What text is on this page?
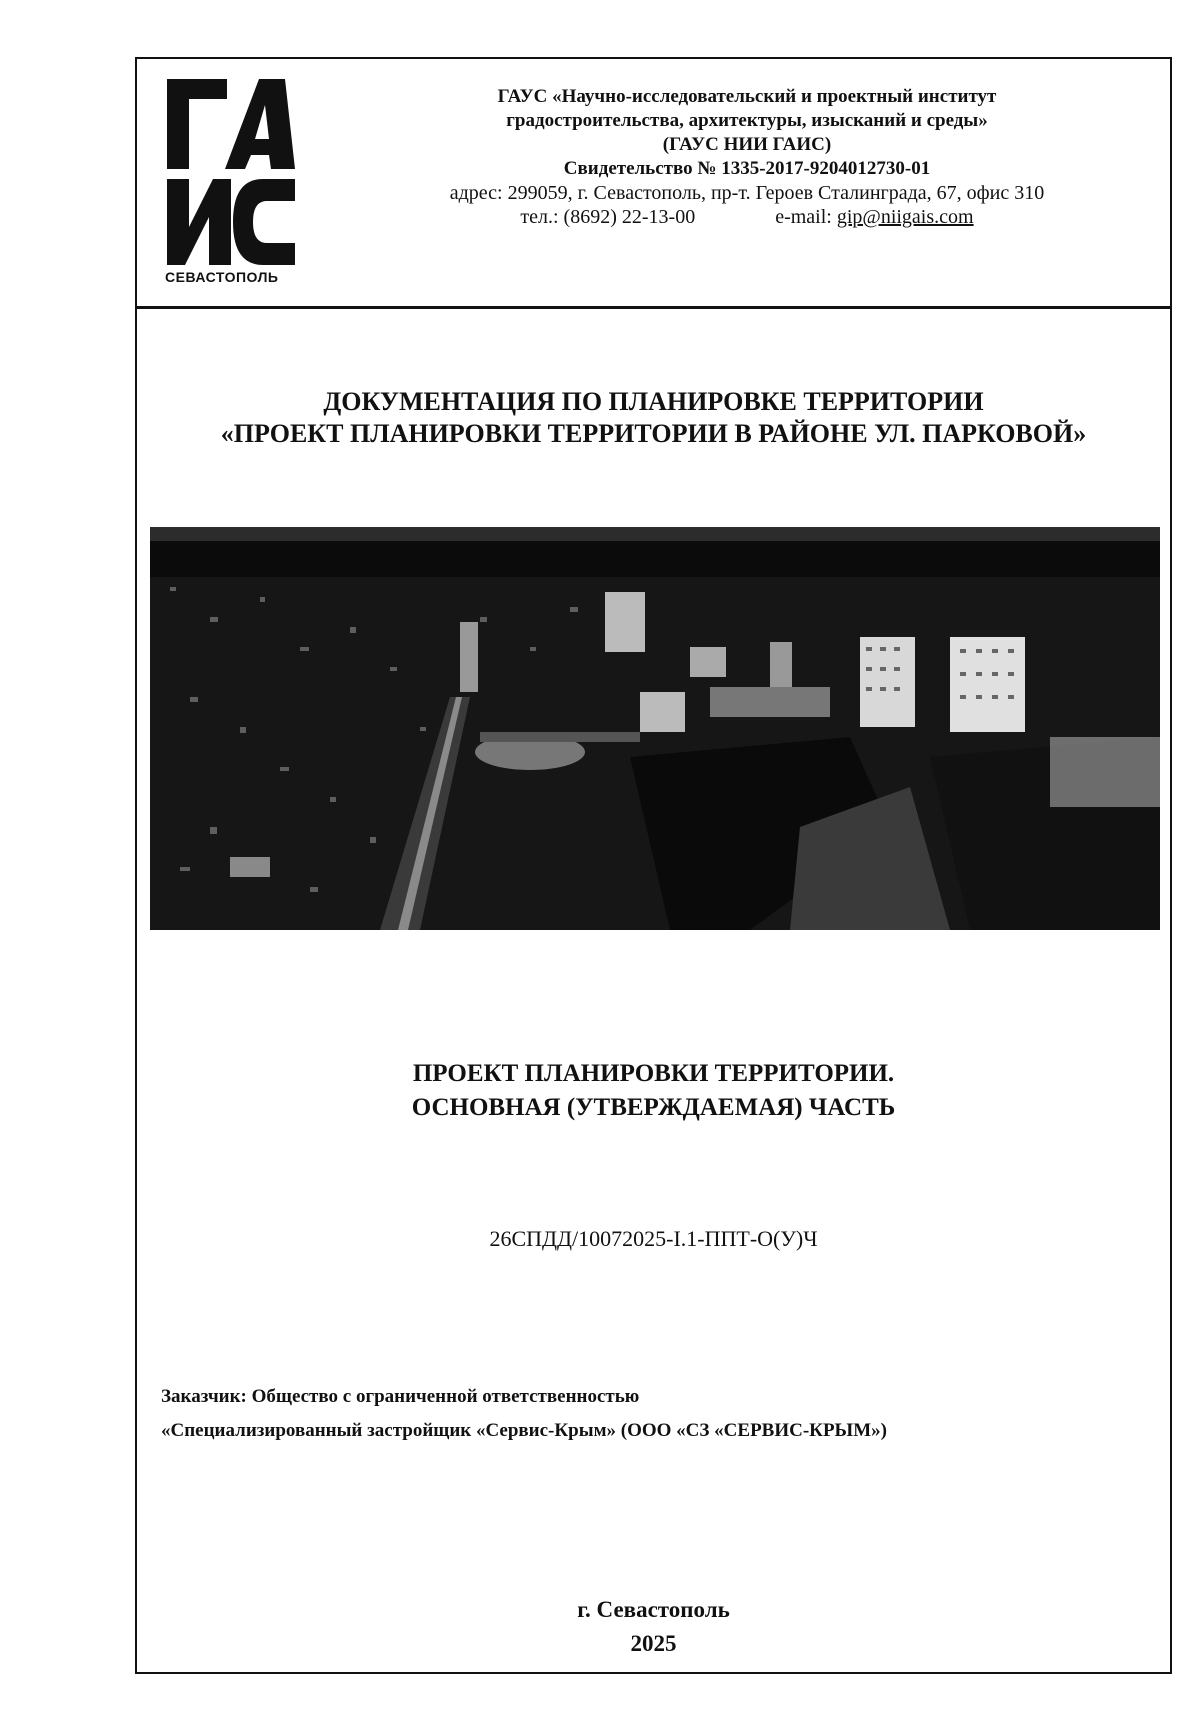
СЕВАСТОПОЛЬ
ГАУС «Научно-исследовательский и проектный институт
градостроительства, архитектуры, изысканий и среды»
(ГАУС НИИ ГАИС)
Свидетельство № 1335-2017-9204012730-01
адрес: 299059, г. Севастополь, пр-т. Героев Сталинграда, 67, офис 310
тел.: (8692) 22-13-00	e-mail: gip@niigais.com
ДОКУМЕНТАЦИЯ ПО ПЛАНИРОВКЕ ТЕРРИТОРИИ
«ПРОЕКТ ПЛАНИРОВКИ ТЕРРИТОРИИ В РАЙОНЕ УЛ. ПАРКОВОЙ»
ПРОЕКТ ПЛАНИРОВКИ ТЕРРИТОРИИ.
ОСНОВНАЯ (УТВЕРЖДАЕМАЯ) ЧАСТЬ
26СПДД/10072025-I.1-ППТ-О(У)Ч
Заказчик: Общество с ограниченной ответственностью
«Специализированный застройщик «Сервис-Крым» (ООО «СЗ «СЕРВИС-КРЫМ»)
г. Севастополь
2025
